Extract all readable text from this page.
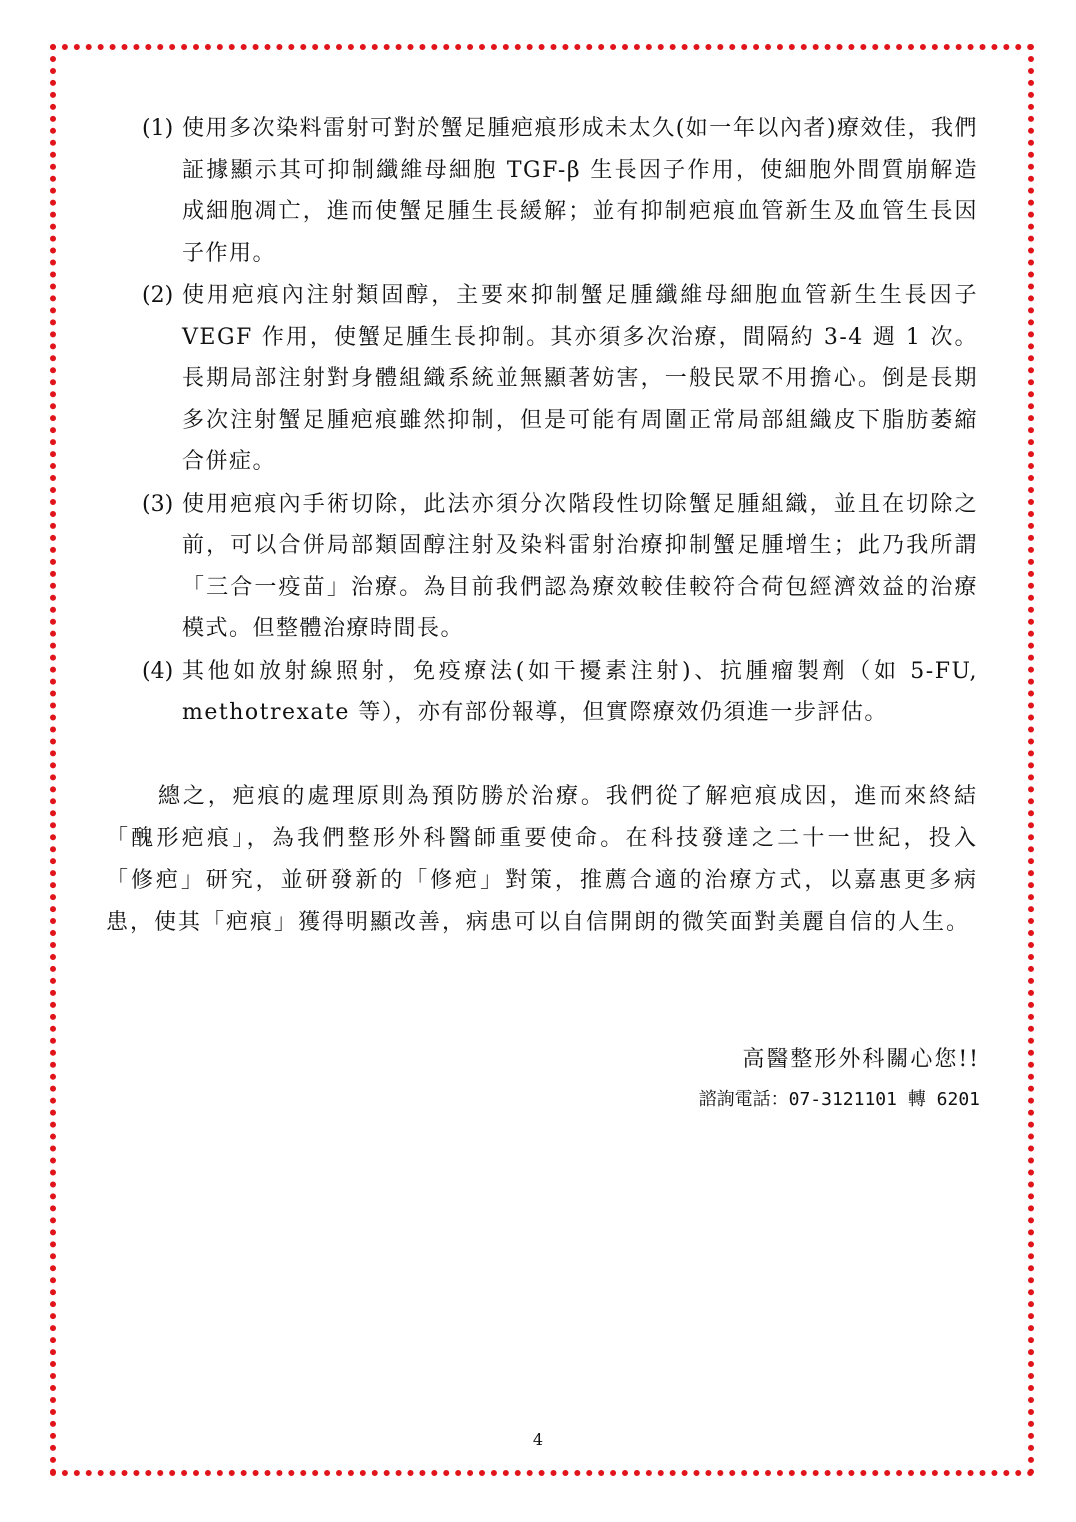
(1) 使用多次染料雷射可對於蟹足腫疤痕形成未太久(如一年以內者)療效佳，我們証據顯示其可抑制纖維母細胞 TGF-β 生長因子作用，使細胞外間質崩解造成細胞凋亡，進而使蟹足腫生長緩解；並有抑制疤痕血管新生及血管生長因子作用。
(2) 使用疤痕內注射類固醇，主要來抑制蟹足腫纖維母細胞血管新生生長因子 VEGF 作用，使蟹足腫生長抑制。其亦須多次治療，間隔約 3-4 週 1 次。長期局部注射對身體組織系統並無顯著妨害，一般民眾不用擔心。倒是長期多次注射蟹足腫疤痕雖然抑制，但是可能有周圍正常局部組織皮下脂肪萎縮合併症。
(3) 使用疤痕內手術切除，此法亦須分次階段性切除蟹足腫組織，並且在切除之前，可以合併局部類固醇注射及染料雷射治療抑制蟹足腫增生；此乃我所謂「三合一疫苗」治療。為目前我們認為療效較佳較符合荷包經濟效益的治療模式。但整體治療時間長。
(4) 其他如放射線照射，免疫療法(如干擾素注射)、抗腫瘤製劑（如 5-FU, methotrexate 等），亦有部份報導，但實際療效仍須進一步評估。

總之，疤痕的處理原則為預防勝於治療。我們從了解疤痕成因，進而來終結「醜形疤痕」，為我們整形外科醫師重要使命。在科技發達之二十一世紀，投入「修疤」研究，並研發新的「修疤」對策，推薦合適的治療方式，以嘉惠更多病患，使其「疤痕」獲得明顯改善，病患可以自信開朗的微笑面對美麗自信的人生。

高醫整形外科關心您!!
諮詢電話：07-3121101 轉 6201
4
